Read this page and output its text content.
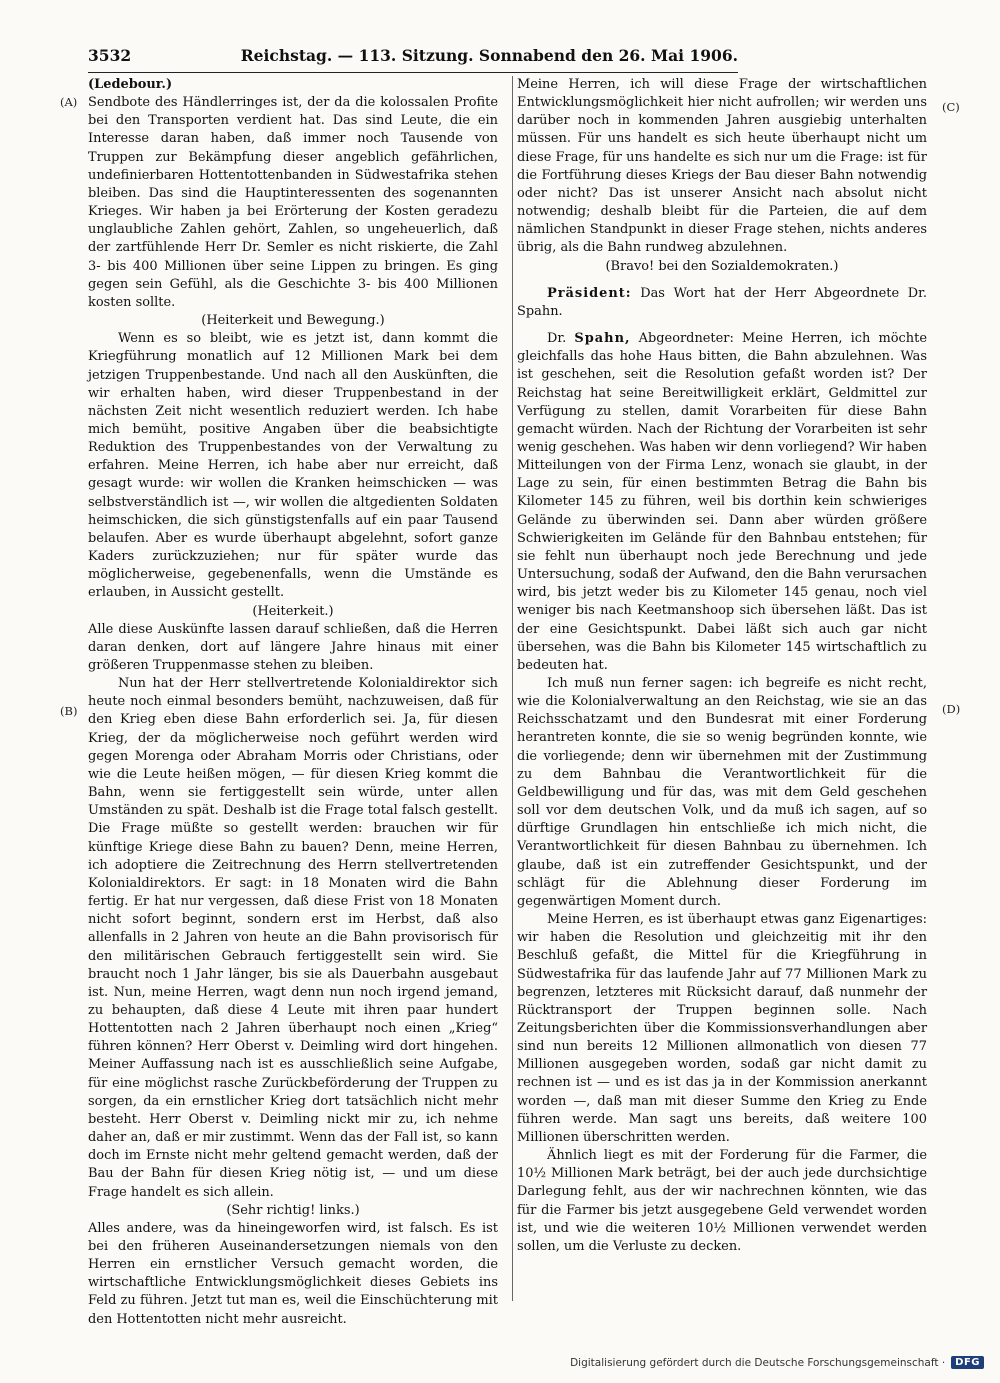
3532	Reichstag. — 113. Sitzung. Sonnabend den 26. Mai 1906.
(A)
(B)
(C)
(D)

(Ledebour.)

Sendbote des Händlerringes ist, der da die kolossalen Profite bei den Transporten verdient hat. Das sind Leute, die ein Interesse daran haben, daß immer noch Tausende von Truppen zur Bekämpfung dieser angeblich gefährlichen, undefinierbaren Hottentottenbanden in Südwestafrika stehen bleiben. Das sind die Hauptinteressenten des sogenannten Krieges. Wir haben ja bei Erörterung der Kosten geradezu unglaubliche Zahlen gehört, Zahlen, so ungeheuerlich, daß der zartfühlende Herr Dr. Semler es nicht riskierte, die Zahl 3- bis 400 Millionen über seine Lippen zu bringen. Es ging gegen sein Gefühl, als die Geschichte 3- bis 400 Millionen kosten sollte.

(Heiterkeit und Bewegung.)

Wenn es so bleibt, wie es jetzt ist, dann kommt die Kriegführung monatlich auf 12 Millionen Mark bei dem jetzigen Truppenbestande. Und nach all den Auskünften, die wir erhalten haben, wird dieser Truppenbestand in der nächsten Zeit nicht wesentlich reduziert werden. Ich habe mich bemüht, positive Angaben über die beabsichtigte Reduktion des Truppenbestandes von der Verwaltung zu erfahren. Meine Herren, ich habe aber nur erreicht, daß gesagt wurde: wir wollen die Kranken heimschicken — was selbstverständlich ist —, wir wollen die altgedienten Soldaten heimschicken, die sich günstigstenfalls auf ein paar Tausend belaufen. Aber es wurde überhaupt abgelehnt, sofort ganze Kaders zurückzuziehen; nur für später wurde das möglicherweise, gegebenenfalls, wenn die Umstände es erlauben, in Aussicht gestellt.

(Heiterkeit.)

Alle diese Auskünfte lassen darauf schließen, daß die Herren daran denken, dort auf längere Jahre hinaus mit einer größeren Truppenmasse stehen zu bleiben.

Nun hat der Herr stellvertretende Kolonialdirektor sich heute noch einmal besonders bemüht, nachzuweisen, daß für den Krieg eben diese Bahn erforderlich sei. Ja, für diesen Krieg, der da möglicherweise noch geführt werden wird gegen Morenga oder Abraham Morris oder Christians, oder wie die Leute heißen mögen, — für diesen Krieg kommt die Bahn, wenn sie fertiggestellt sein würde, unter allen Umständen zu spät. Deshalb ist die Frage total falsch gestellt. Die Frage müßte so gestellt werden: brauchen wir für künftige Kriege diese Bahn zu bauen? Denn, meine Herren, ich adoptiere die Zeitrechnung des Herrn stellvertretenden Kolonialdirektors. Er sagt: in 18 Monaten wird die Bahn fertig. Er hat nur vergessen, daß diese Frist von 18 Monaten nicht sofort beginnt, sondern erst im Herbst, daß also allenfalls in 2 Jahren von heute an die Bahn provisorisch für den militärischen Gebrauch fertiggestellt sein wird. Sie braucht noch 1 Jahr länger, bis sie als Dauerbahn ausgebaut ist. Nun, meine Herren, wagt denn nun noch irgend jemand, zu behaupten, daß diese 4 Leute mit ihren paar hundert Hottentotten nach 2 Jahren überhaupt noch einen „Krieg“ führen können? Herr Oberst v. Deimling wird dort hingehen. Meiner Auffassung nach ist es ausschließlich seine Aufgabe, für eine möglichst rasche Zurückbeförderung der Truppen zu sorgen, da ein ernstlicher Krieg dort tatsächlich nicht mehr besteht. Herr Oberst v. Deimling nickt mir zu, ich nehme daher an, daß er mir zustimmt. Wenn das der Fall ist, so kann doch im Ernste nicht mehr geltend gemacht werden, daß der Bau der Bahn für diesen Krieg nötig ist, — und um diese Frage handelt es sich allein.

(Sehr richtig! links.)

Alles andere, was da hineingeworfen wird, ist falsch. Es ist bei den früheren Auseinandersetzungen niemals von den Herren ein ernstlicher Versuch gemacht worden, die wirtschaftliche Entwicklungsmöglichkeit dieses Gebiets ins Feld zu führen. Jetzt tut man es, weil die Einschüchterung mit den Hottentotten nicht mehr ausreicht.

Meine Herren, ich will diese Frage der wirtschaftlichen Entwicklungsmöglichkeit hier nicht aufrollen; wir werden uns darüber noch in kommenden Jahren ausgiebig unterhalten müssen. Für uns handelt es sich heute überhaupt nicht um diese Frage, für uns handelte es sich nur um die Frage: ist für die Fortführung dieses Kriegs der Bau dieser Bahn notwendig oder nicht? Das ist unserer Ansicht nach absolut nicht notwendig; deshalb bleibt für die Parteien, die auf dem nämlichen Standpunkt in dieser Frage stehen, nichts anderes übrig, als die Bahn rundweg abzulehnen.

(Bravo! bei den Sozialdemokraten.)

Präsident: Das Wort hat der Herr Abgeordnete Dr. Spahn.

Dr. Spahn, Abgeordneter: Meine Herren, ich möchte gleichfalls das hohe Haus bitten, die Bahn abzulehnen. Was ist geschehen, seit die Resolution gefaßt worden ist? Der Reichstag hat seine Bereitwilligkeit erklärt, Geldmittel zur Verfügung zu stellen, damit Vorarbeiten für diese Bahn gemacht würden. Nach der Richtung der Vorarbeiten ist sehr wenig geschehen. Was haben wir denn vorliegend? Wir haben Mitteilungen von der Firma Lenz, wonach sie glaubt, in der Lage zu sein, für einen bestimmten Betrag die Bahn bis Kilometer 145 zu führen, weil bis dorthin kein schwieriges Gelände zu überwinden sei. Dann aber würden größere Schwierigkeiten im Gelände für den Bahnbau entstehen; für sie fehlt nun überhaupt noch jede Berechnung und jede Untersuchung, sodaß der Aufwand, den die Bahn verursachen wird, bis jetzt weder bis zu Kilometer 145 genau, noch viel weniger bis nach Keetmanshoop sich übersehen läßt. Das ist der eine Gesichtspunkt. Dabei läßt sich auch gar nicht übersehen, was die Bahn bis Kilometer 145 wirtschaftlich zu bedeuten hat.

Ich muß nun ferner sagen: ich begreife es nicht recht, wie die Kolonialverwaltung an den Reichstag, wie sie an das Reichsschatzamt und den Bundesrat mit einer Forderung herantreten konnte, die sie so wenig begründen konnte, wie die vorliegende; denn wir übernehmen mit der Zustimmung zu dem Bahnbau die Verantwortlichkeit für die Geldbewilligung und für das, was mit dem Geld geschehen soll vor dem deutschen Volk, und da muß ich sagen, auf so dürftige Grundlagen hin entschließe ich mich nicht, die Verantwortlichkeit für diesen Bahnbau zu übernehmen. Ich glaube, daß ist ein zutreffender Gesichtspunkt, und der schlägt für die Ablehnung dieser Forderung im gegenwärtigen Moment durch.

Meine Herren, es ist überhaupt etwas ganz Eigenartiges: wir haben die Resolution und gleichzeitig mit ihr den Beschluß gefaßt, die Mittel für die Kriegführung in Südwestafrika für das laufende Jahr auf 77 Millionen Mark zu begrenzen, letzteres mit Rücksicht darauf, daß nunmehr der Rücktransport der Truppen beginnen solle. Nach Zeitungsberichten über die Kommissionsverhandlungen aber sind nun bereits 12 Millionen allmonatlich von diesen 77 Millionen ausgegeben worden, sodaß gar nicht damit zu rechnen ist — und es ist das ja in der Kommission anerkannt worden —, daß man mit dieser Summe den Krieg zu Ende führen werde. Man sagt uns bereits, daß weitere 100 Millionen überschritten werden.

Ähnlich liegt es mit der Forderung für die Farmer, die 10½ Millionen Mark beträgt, bei der auch jede durchsichtige Darlegung fehlt, aus der wir nachrechnen könnten, wie das für die Farmer bis jetzt ausgegebene Geld verwendet worden ist, und wie die weiteren 10½ Millionen verwendet werden sollen, um die Verluste zu decken.

Digitalisierung gefördert durch die Deutsche Forschungsgemeinschaft ·	DFG
